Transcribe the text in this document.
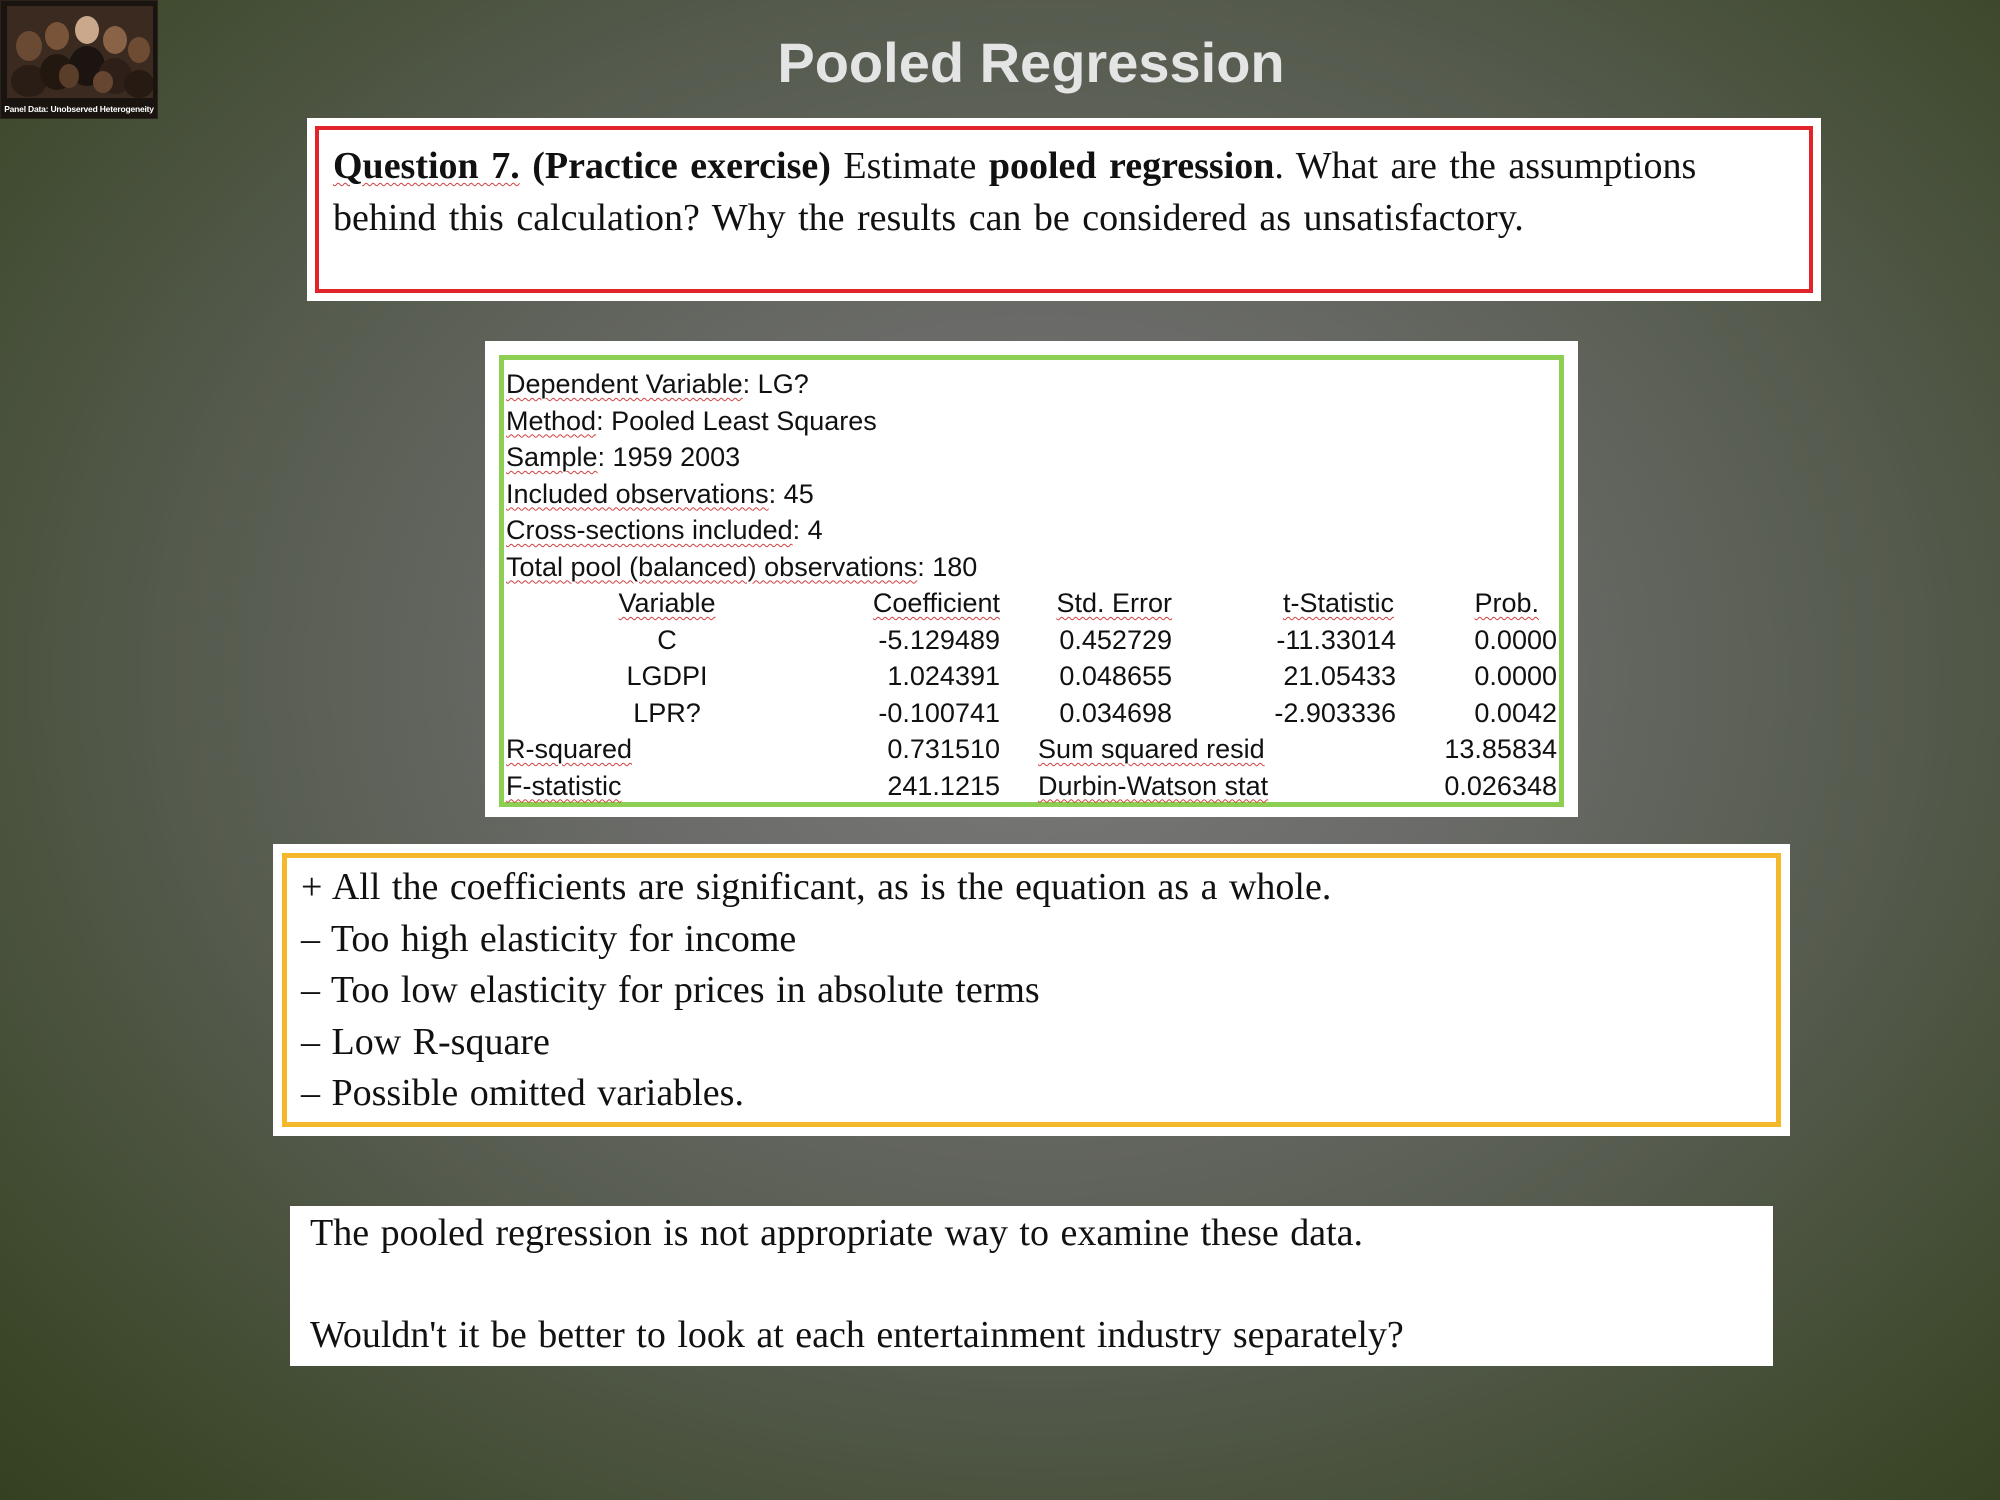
Panel Data: Unobserved Heterogeneity
Pooled Regression
Question 7. (Practice exercise) Estimate pooled regression. What are the assumptions behind this calculation? Why the results can be considered as unsatisfactory.
Dependent Variable: LG?
Method: Pooled Least Squares
Sample: 1959 2003
Included observations: 45
Cross-sections included: 4
Total pool (balanced) observations: 180
Variable	Coefficient	Std. Error	t-Statistic	Prob.
C	-5.129489	0.452729	-11.33014	0.0000
LGDPI	1.024391	0.048655	21.05433	0.0000
LPR?	-0.100741	0.034698	-2.903336	0.0042
R-squared	0.731510	Sum squared resid		13.85834
F-statistic	241.1215	Durbin-Watson stat		0.026348
+ All the coefficients are significant, as is the equation as a whole.
– Too high elasticity for income
– Too low elasticity for prices in absolute terms
– Low R-square
– Possible omitted variables.
The pooled regression is not appropriate way to examine these data.
Wouldn't it be better to look at each entertainment industry separately?
